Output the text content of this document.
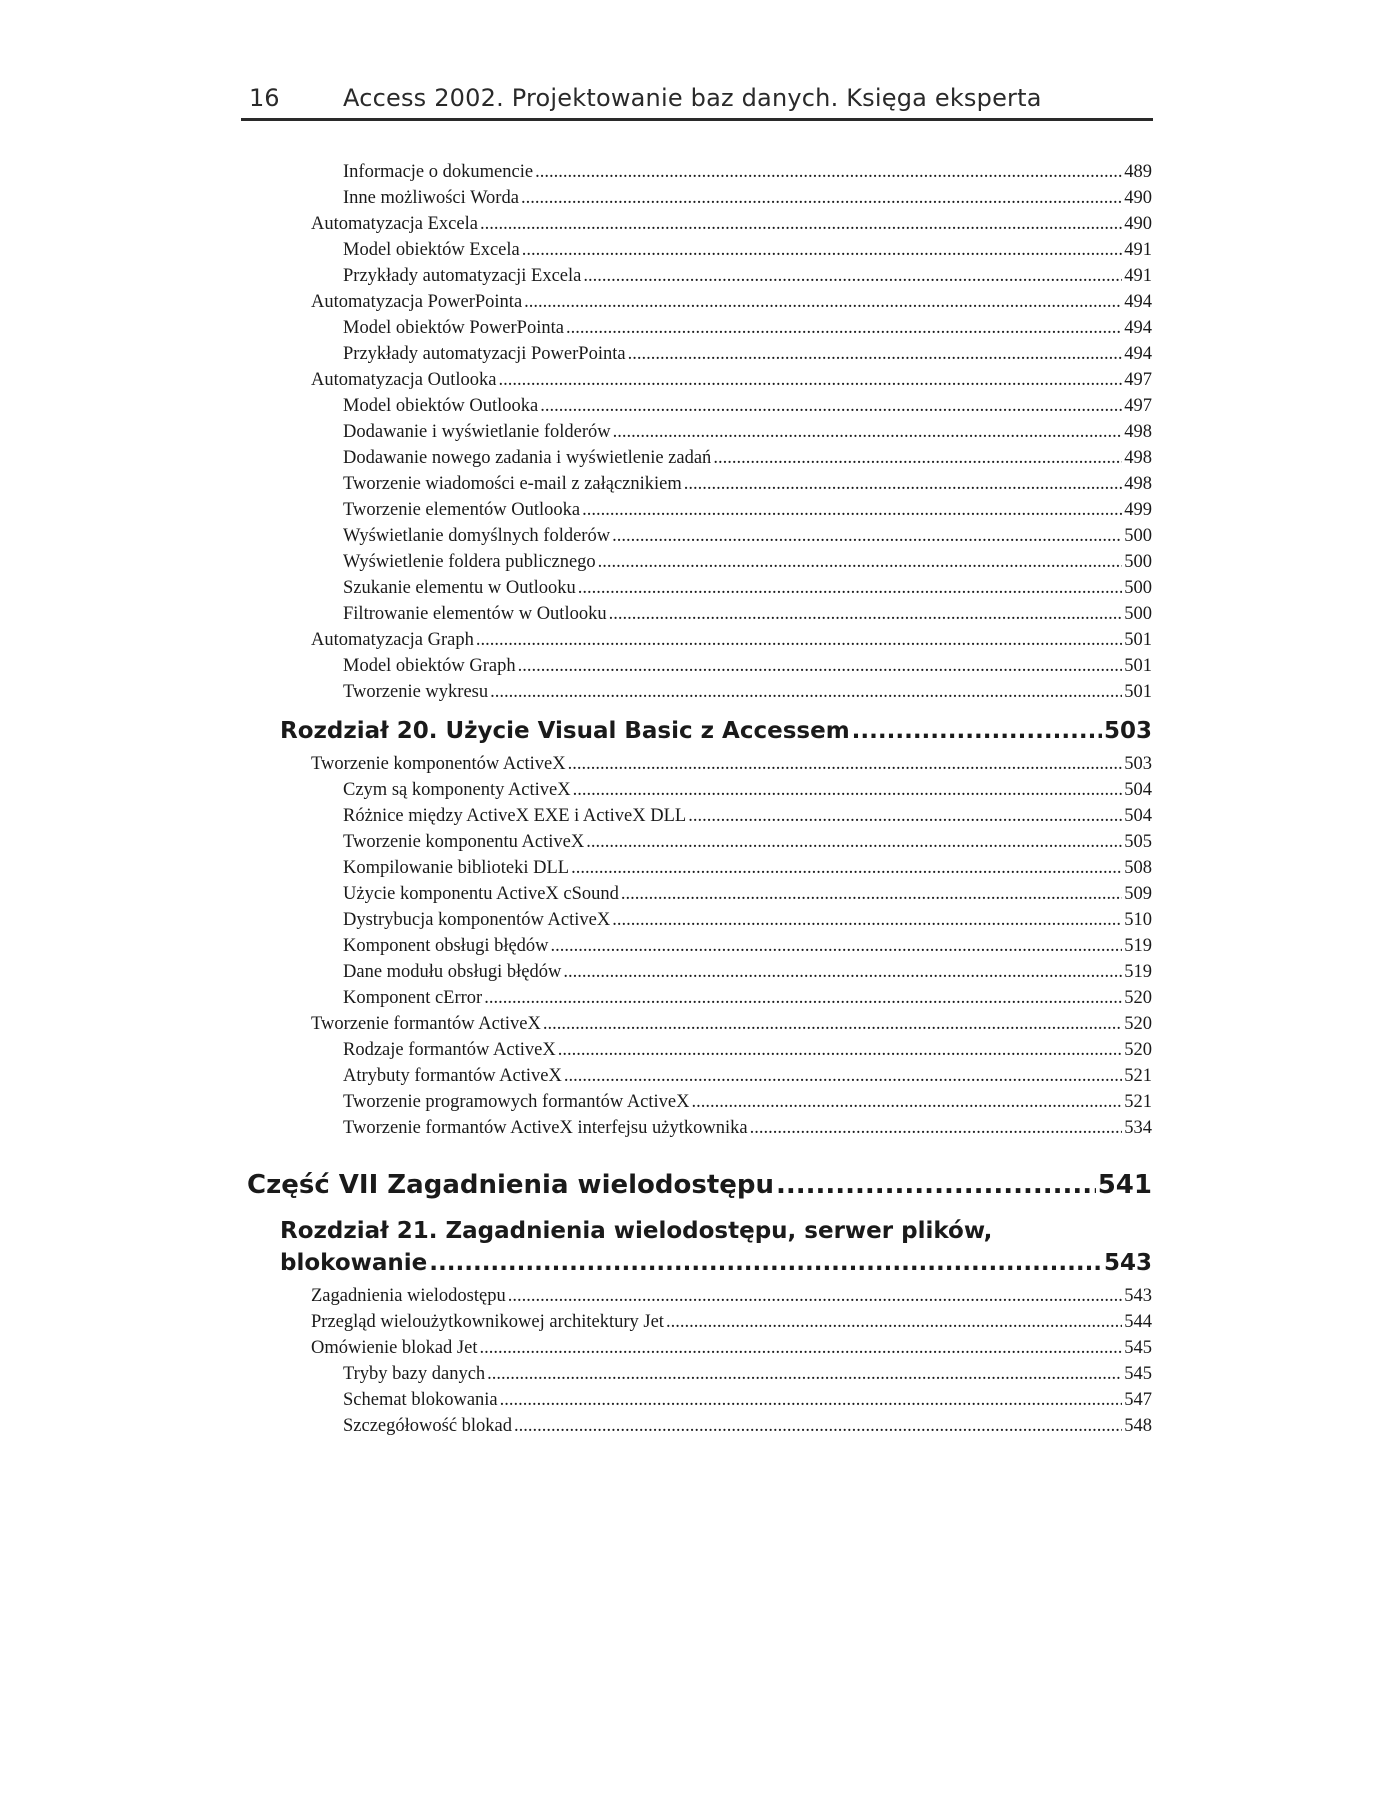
16	Access 2002. Projektowanie baz danych. Księga eksperta
Informacje o dokumencie .....	489
Inne możliwości Worda .....	490
Automatyzacja Excela .....	490
Model obiektów Excela .....	491
Przykłady automatyzacji Excela .....	491
Automatyzacja PowerPointa .....	494
Model obiektów PowerPointa .....	494
Przykłady automatyzacji PowerPointa .....	494
Automatyzacja Outlooka .....	497
Model obiektów Outlooka .....	497
Dodawanie i wyświetlanie folderów .....	498
Dodawanie nowego zadania i wyświetlenie zadań .....	498
Tworzenie wiadomości e-mail z załącznikiem .....	498
Tworzenie elementów Outlooka .....	499
Wyświetlanie domyślnych folderów .....	500
Wyświetlenie foldera publicznego .....	500
Szukanie elementu w Outlooku .....	500
Filtrowanie elementów w Outlooku .....	500
Automatyzacja Graph .....	501
Model obiektów Graph .....	501
Tworzenie wykresu .....	501
Rozdział 20. Użycie Visual Basic z Accessem .....	503
Tworzenie komponentów ActiveX .....	503
Czym są komponenty ActiveX .....	504
Różnice między ActiveX EXE i ActiveX DLL .....	504
Tworzenie komponentu ActiveX .....	505
Kompilowanie biblioteki DLL .....	508
Użycie komponentu ActiveX cSound .....	509
Dystrybucja komponentów ActiveX .....	510
Komponent obsługi błędów .....	519
Dane modułu obsługi błędów .....	519
Komponent cError .....	520
Tworzenie formantów ActiveX .....	520
Rodzaje formantów ActiveX .....	520
Atrybuty formantów ActiveX .....	521
Tworzenie programowych formantów ActiveX .....	521
Tworzenie formantów ActiveX interfejsu użytkownika .....	534
Część VII Zagadnienia wielodostępu .....	541
Rozdział 21. Zagadnienia wielodostępu, serwer plików,
blokowanie .....	543
Zagadnienia wielodostępu .....	543
Przegląd wieloużytkownikowej architektury Jet .....	544
Omówienie blokad Jet .....	545
Tryby bazy danych .....	545
Schemat blokowania .....	547
Szczegółowość blokad .....	548
